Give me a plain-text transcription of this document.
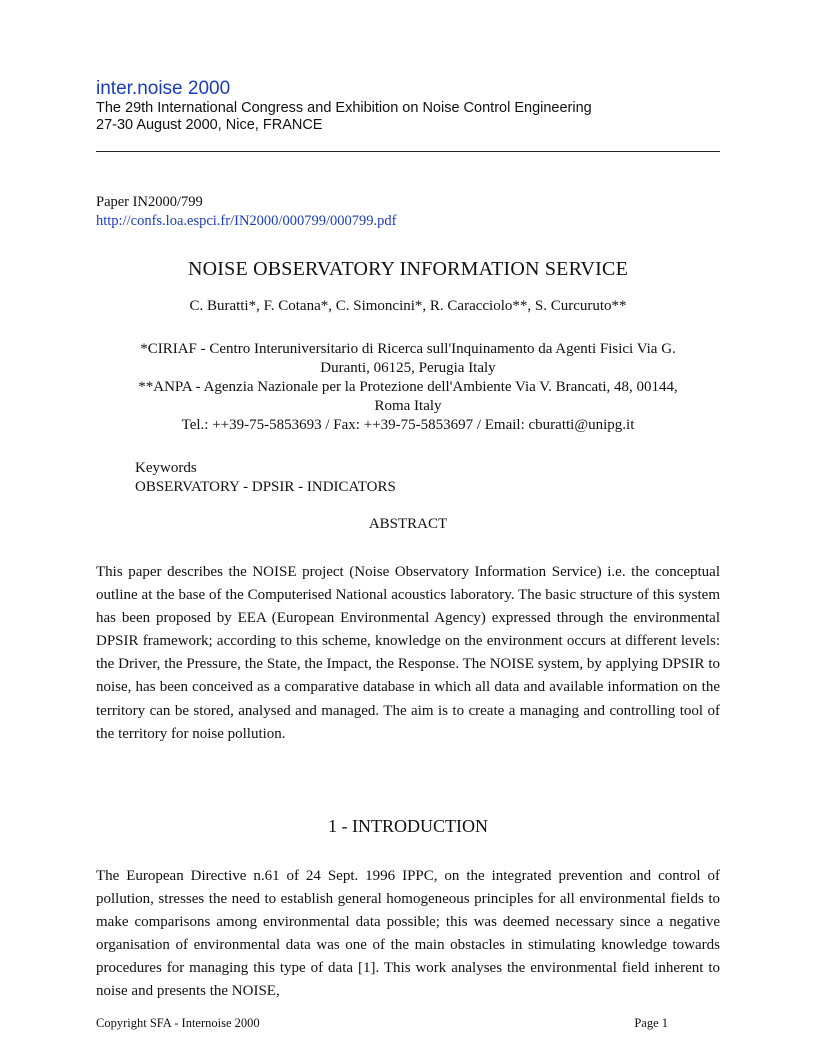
inter.noise 2000
The 29th International Congress and Exhibition on Noise Control Engineering
27-30 August 2000, Nice, FRANCE
Paper IN2000/799
http://confs.loa.espci.fr/IN2000/000799/000799.pdf
NOISE OBSERVATORY INFORMATION SERVICE
C. Buratti*, F. Cotana*, C. Simoncini*, R. Caracciolo**, S. Curcuruto**
*CIRIAF - Centro Interuniversitario di Ricerca sull'Inquinamento da Agenti Fisici Via G.
Duranti, 06125, Perugia Italy
**ANPA - Agenzia Nazionale per la Protezione dell'Ambiente Via V. Brancati, 48, 00144,
Roma Italy
Tel.: ++39-75-5853693 / Fax: ++39-75-5853697 / Email: cburatti@unipg.it
Keywords
OBSERVATORY - DPSIR - INDICATORS
ABSTRACT
This paper describes the NOISE project (Noise Observatory Information Service) i.e. the conceptual outline at the base of the Computerised National acoustics laboratory. The basic structure of this system has been proposed by EEA (European Environmental Agency) expressed through the environmental DPSIR framework; according to this scheme, knowledge on the environment occurs at different levels: the Driver, the Pressure, the State, the Impact, the Response. The NOISE system, by applying DPSIR to noise, has been conceived as a comparative database in which all data and available information on the territory can be stored, analysed and managed. The aim is to create a managing and controlling tool of the territory for noise pollution.
1 - INTRODUCTION
The European Directive n.61 of 24 Sept. 1996 IPPC, on the integrated prevention and control of pollution, stresses the need to establish general homogeneous principles for all environmental fields to make comparisons among environmental data possible; this was deemed necessary since a negative organisation of environmental data was one of the main obstacles in stimulating knowledge towards procedures for managing this type of data [1]. This work analyses the environmental field inherent to noise and presents the NOISE,
Copyright SFA - Internoise 2000	Page 1
